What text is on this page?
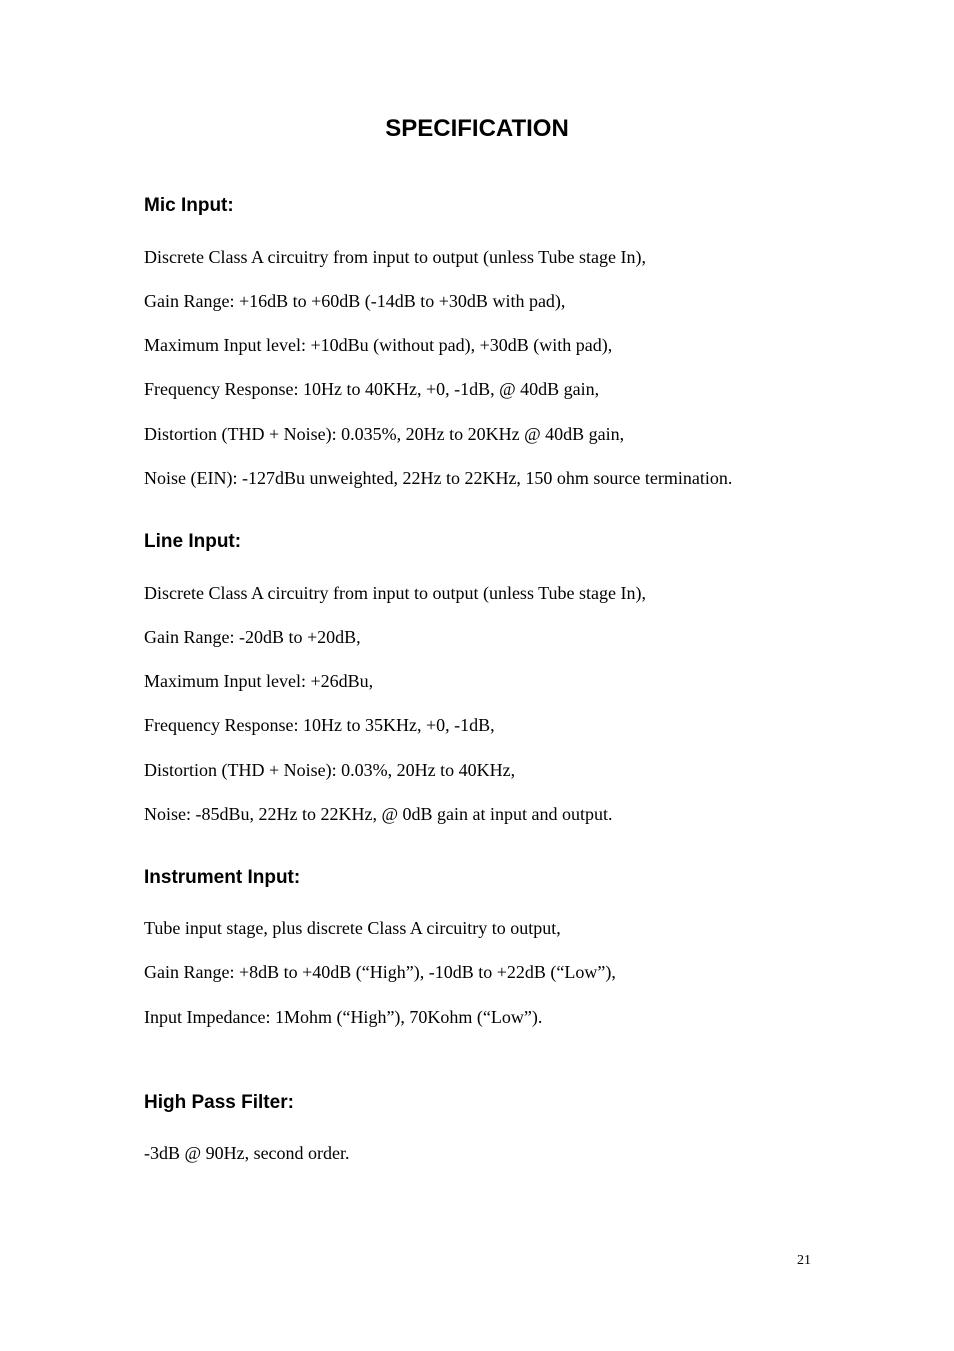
SPECIFICATION
Mic Input:
Discrete Class A circuitry from input to output (unless Tube stage In),
Gain Range: +16dB to +60dB (-14dB to +30dB with pad),
Maximum Input level: +10dBu (without pad), +30dB (with pad),
Frequency Response: 10Hz to 40KHz, +0, -1dB, @ 40dB gain,
Distortion (THD + Noise): 0.035%, 20Hz to 20KHz @ 40dB gain,
Noise (EIN): -127dBu unweighted, 22Hz to 22KHz, 150 ohm source termination.
Line Input:
Discrete Class A circuitry from input to output (unless Tube stage In),
Gain Range: -20dB to +20dB,
Maximum Input level: +26dBu,
Frequency Response: 10Hz to 35KHz, +0, -1dB,
Distortion (THD + Noise): 0.03%, 20Hz to 40KHz,
Noise: -85dBu, 22Hz to 22KHz, @ 0dB gain at input and output.
Instrument Input:
Tube input stage, plus discrete Class A circuitry to output,
Gain Range: +8dB to +40dB (“High”), -10dB to +22dB (“Low”),
Input Impedance: 1Mohm (“High”), 70Kohm (“Low”).
High Pass Filter:
-3dB @ 90Hz, second order.
21
